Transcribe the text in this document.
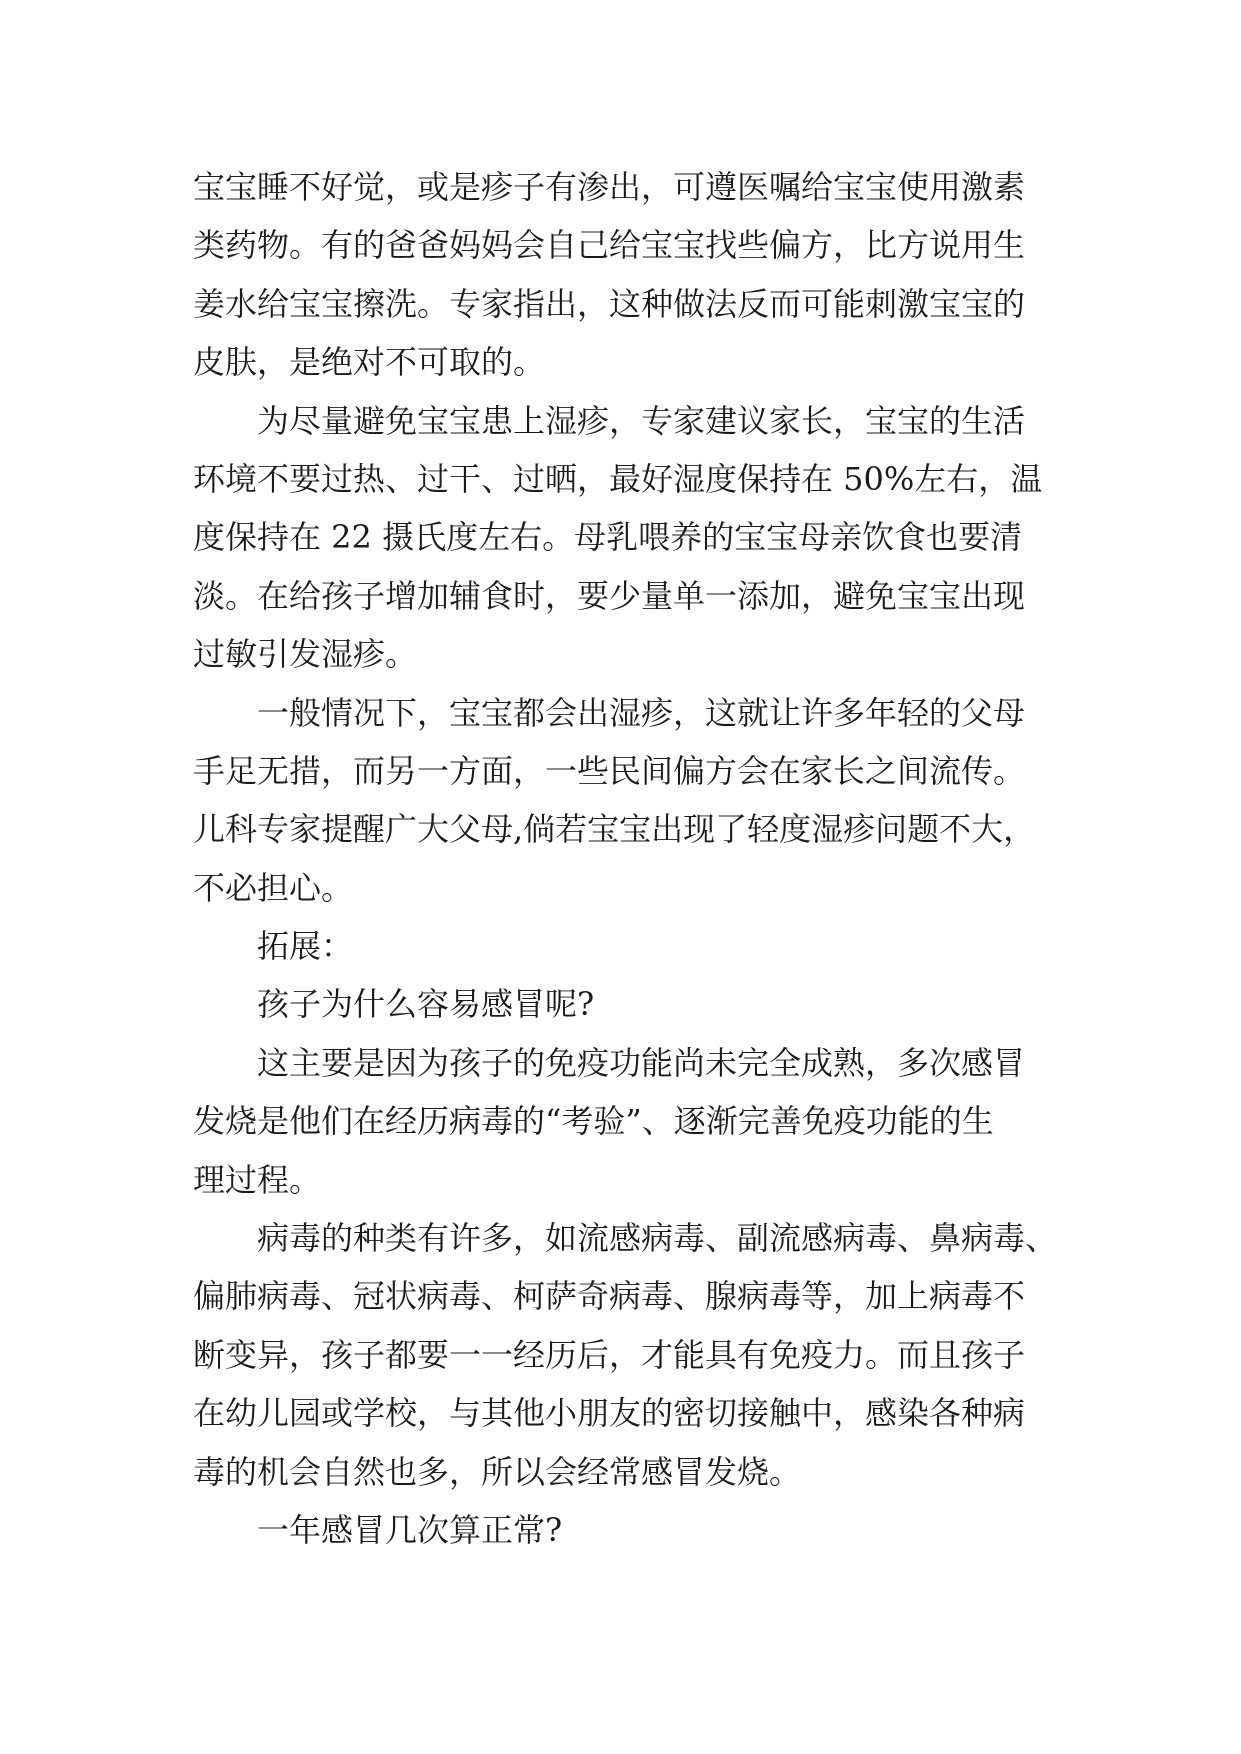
宝宝睡不好觉，或是疹子有渗出，可遵医嘱给宝宝使用激素
类药物。有的爸爸妈妈会自己给宝宝找些偏方，比方说用生
姜水给宝宝擦洗。专家指出，这种做法反而可能刺激宝宝的
皮肤，是绝对不可取的。
为尽量避免宝宝患上湿疹，专家建议家长，宝宝的生活
环境不要过热、过干、过晒，最好湿度保持在 50%左右，温
度保持在 22 摄氏度左右。母乳喂养的宝宝母亲饮食也要清
淡。在给孩子增加辅食时，要少量单一添加，避免宝宝出现
过敏引发湿疹。
一般情况下，宝宝都会出湿疹，这就让许多年轻的父母
手足无措，而另一方面，一些民间偏方会在家长之间流传。
儿科专家提醒广大父母,倘若宝宝出现了轻度湿疹问题不大，
不必担心。
拓展：
孩子为什么容易感冒呢?
这主要是因为孩子的免疫功能尚未完全成熟，多次感冒
发烧是他们在经历病毒的“考验”、逐渐完善免疫功能的生
理过程。
病毒的种类有许多，如流感病毒、副流感病毒、鼻病毒、
偏肺病毒、冠状病毒、柯萨奇病毒、腺病毒等，加上病毒不
断变异，孩子都要一一经历后，才能具有免疫力。而且孩子
在幼儿园或学校，与其他小朋友的密切接触中，感染各种病
毒的机会自然也多，所以会经常感冒发烧。
一年感冒几次算正常?
